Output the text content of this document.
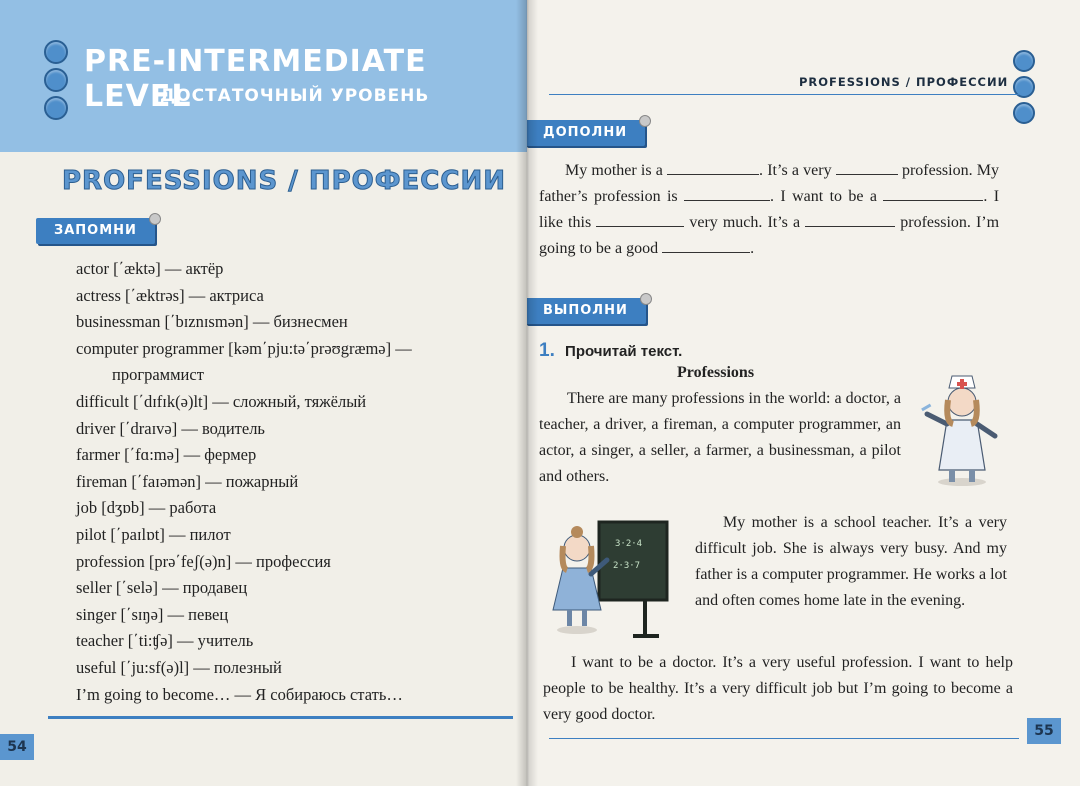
PRE-INTERMEDIATE LEVEL
ДОСТАТОЧНЫЙ УРОВЕНЬ
PROFESSIONS / ПРОФЕССИИ
ЗАПОМНИ
actor [΄æktə] — актёр
actress [΄æktrəs] — актриса
businessman [΄bɪznɪsmən] — бизнесмен
computer programmer [kəm΄pju:tə΄prəʊgræmə] —
программист
difficult [΄dɪfɪk(ə)lt] — сложный, тяжёлый
driver [΄draɪvə] — водитель
farmer [΄fɑ:mə] — фермер
fireman [΄faɪəmən] — пожарный
job [dʒɒb] — работа
pilot [΄paɪlɒt] — пилот
profession [prə΄feʃ(ə)n] — профессия
seller [΄selə] — продавец
singer [΄sɪŋə] — певец
teacher [΄ti:ʧə] — учитель
useful [΄ju:sf(ə)l] — полезный
I’m going to become… — Я собираюсь стать…
54
PROFESSIONS / ПРОФЕССИИ
ДОПОЛНИ
My mother is a	. It’s a very	profession. My father’s profession is	. I want to be a	. I like this	very much. It’s a	profession. I’m going to be a good	.
ВЫПОЛНИ
1. Прочитай текст.
Professions
There are many professions in the world: a doctor, a teacher, a driver, a fireman, a computer programmer, an actor, a singer, a seller, a farmer, a businessman, a pilot and others.
3·2·4
2·3·7
My mother is a school teacher. It’s a very difficult job. She is always very busy. And my father is a computer programmer. He works a lot and often comes home late in the evening.
I want to be a doctor. It’s a very useful profession. I want to help people to be healthy. It’s a very difficult job but I’m going to become a very good doctor.
55
